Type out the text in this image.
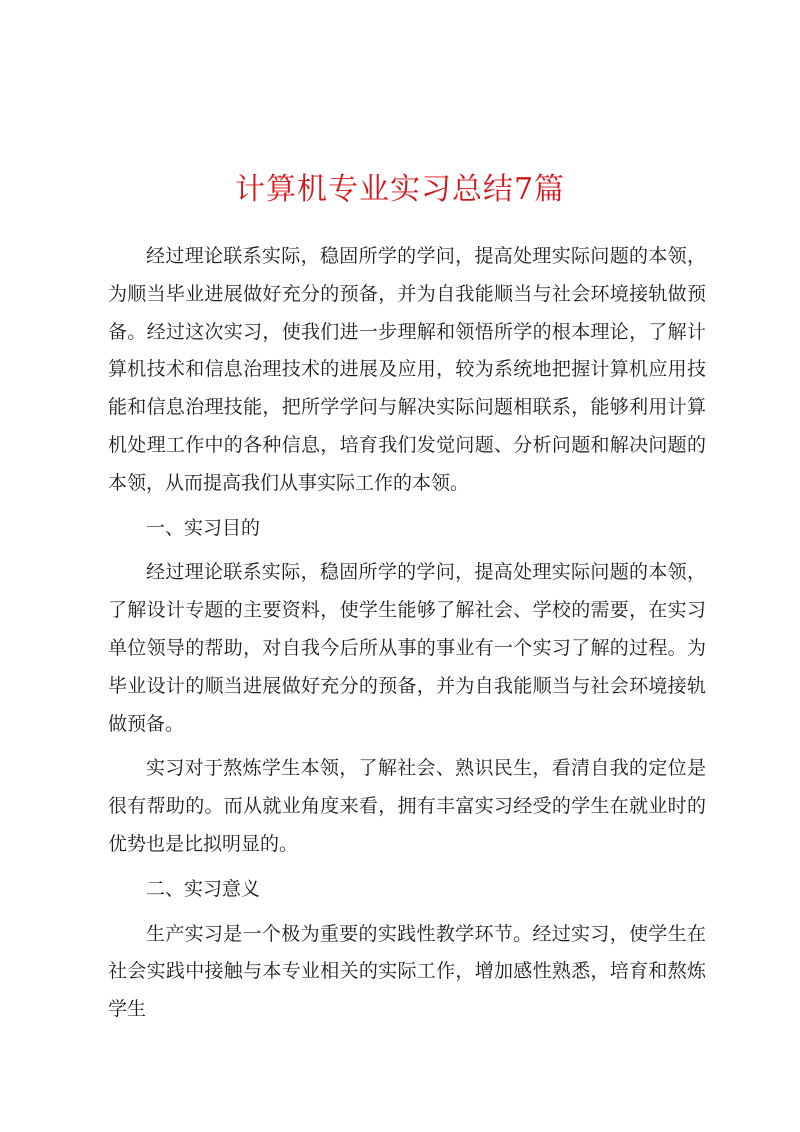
计算机专业实习总结7篇

经过理论联系实际，稳固所学的学问，提高处理实际问题的本领，为顺当毕业进展做好充分的预备，并为自我能顺当与社会环境接轨做预备。经过这次实习，使我们进一步理解和领悟所学的根本理论，了解计算机技术和信息治理技术的进展及应用，较为系统地把握计算机应用技能和信息治理技能，把所学学问与解决实际问题相联系，能够利用计算机处理工作中的各种信息，培育我们发觉问题、分析问题和解决问题的本领，从而提高我们从事实际工作的本领。

一、实习目的

经过理论联系实际，稳固所学的学问，提高处理实际问题的本领，了解设计专题的主要资料，使学生能够了解社会、学校的需要，在实习单位领导的帮助，对自我今后所从事的事业有一个实习了解的过程。为毕业设计的顺当进展做好充分的预备，并为自我能顺当与社会环境接轨做预备。

实习对于熬炼学生本领，了解社会、熟识民生，看清自我的定位是很有帮助的。而从就业角度来看，拥有丰富实习经受的学生在就业时的优势也是比拟明显的。

二、实习意义

生产实习是一个极为重要的实践性教学环节。经过实习，使学生在社会实践中接触与本专业相关的实际工作，增加感性熟悉，培育和熬炼学生
